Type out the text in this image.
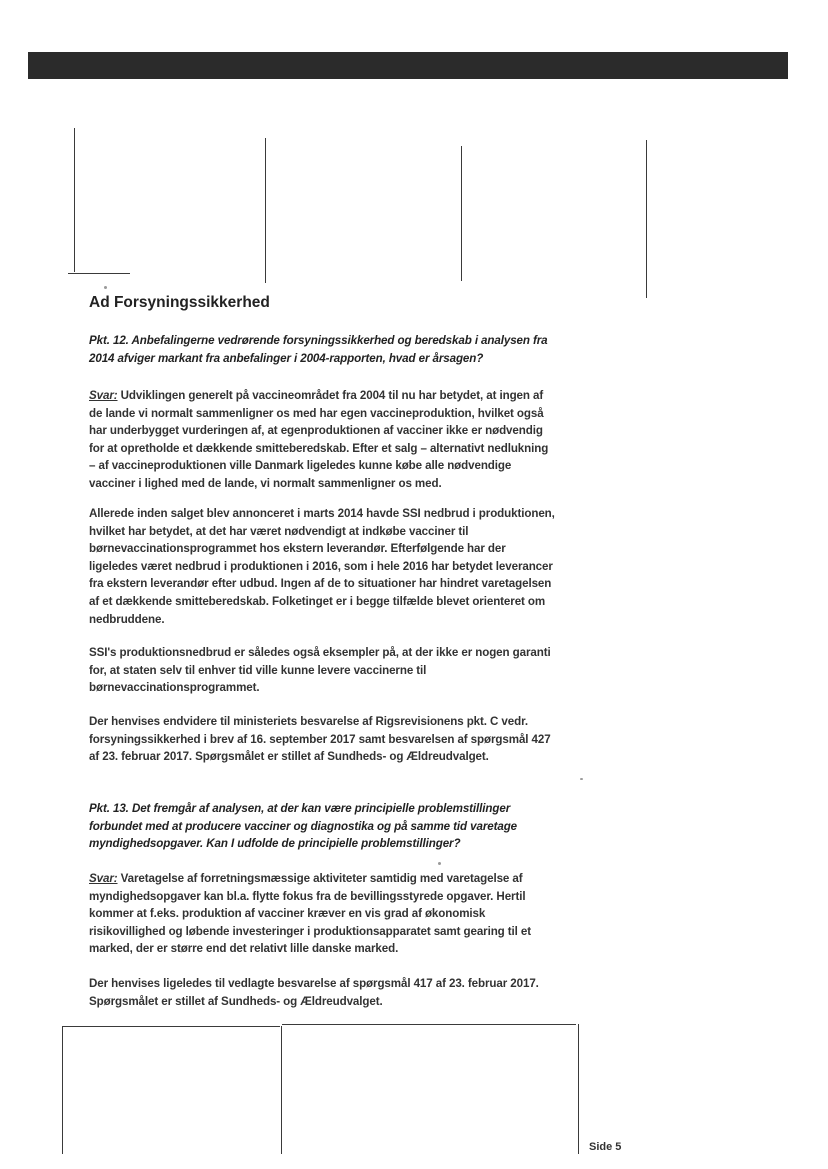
Ad Forsyningssikkerhed

Pkt. 12. Anbefalingerne vedrørende forsyningssikkerhed og beredskab i analysen fra 2014 afviger markant fra anbefalinger i 2004-rapporten, hvad er årsagen?

Svar: Udviklingen generelt på vaccineområdet fra 2004 til nu har betydet, at ingen af de lande vi normalt sammenligner os med har egen vaccineproduktion, hvilket også har underbygget vurderingen af, at egenproduktionen af vacciner ikke er nødvendig for at opretholde et dækkende smitteberedskab. Efter et salg – alternativt nedlukning – af vaccineproduktionen ville Danmark ligeledes kunne købe alle nødvendige vacciner i lighed med de lande, vi normalt sammenligner os med.

Allerede inden salget blev annonceret i marts 2014 havde SSI nedbrud i produktionen, hvilket har betydet, at det har været nødvendigt at indkøbe vacciner til børnevaccinationsprogrammet hos ekstern leverandør. Efterfølgende har der ligeledes været nedbrud i produktionen i 2016, som i hele 2016 har betydet leverancer fra ekstern leverandør efter udbud. Ingen af de to situationer har hindret varetagelsen af et dækkende smitteberedskab. Folketinget er i begge tilfælde blevet orienteret om nedbruddene.

SSI's produktionsnedbrud er således også eksempler på, at der ikke er nogen garanti for, at staten selv til enhver tid ville kunne levere vaccinerne til børnevaccinationsprogrammet.

Der henvises endvidere til ministeriets besvarelse af Rigsrevisionens pkt. C vedr. forsyningssikkerhed i brev af 16. september 2017 samt besvarelsen af spørgsmål 427 af 23. februar 2017. Spørgsmålet er stillet af Sundheds- og Ældreudvalget.

Pkt. 13. Det fremgår af analysen, at der kan være principielle problemstillinger forbundet med at producere vacciner og diagnostika og på samme tid varetage myndighedsopgaver. Kan I udfolde de principielle problemstillinger?

Svar: Varetagelse af forretningsmæssige aktiviteter samtidig med varetagelse af myndighedsopgaver kan bl.a. flytte fokus fra de bevillingsstyrede opgaver. Hertil kommer at f.eks. produktion af vacciner kræver en vis grad af økonomisk risikovillighed og løbende investeringer i produktionsapparatet samt gearing til et marked, der er større end det relativt lille danske marked.

Der henvises ligeledes til vedlagte besvarelse af spørgsmål 417 af 23. februar 2017. Spørgsmålet er stillet af Sundheds- og Ældreudvalget.

Side 5
